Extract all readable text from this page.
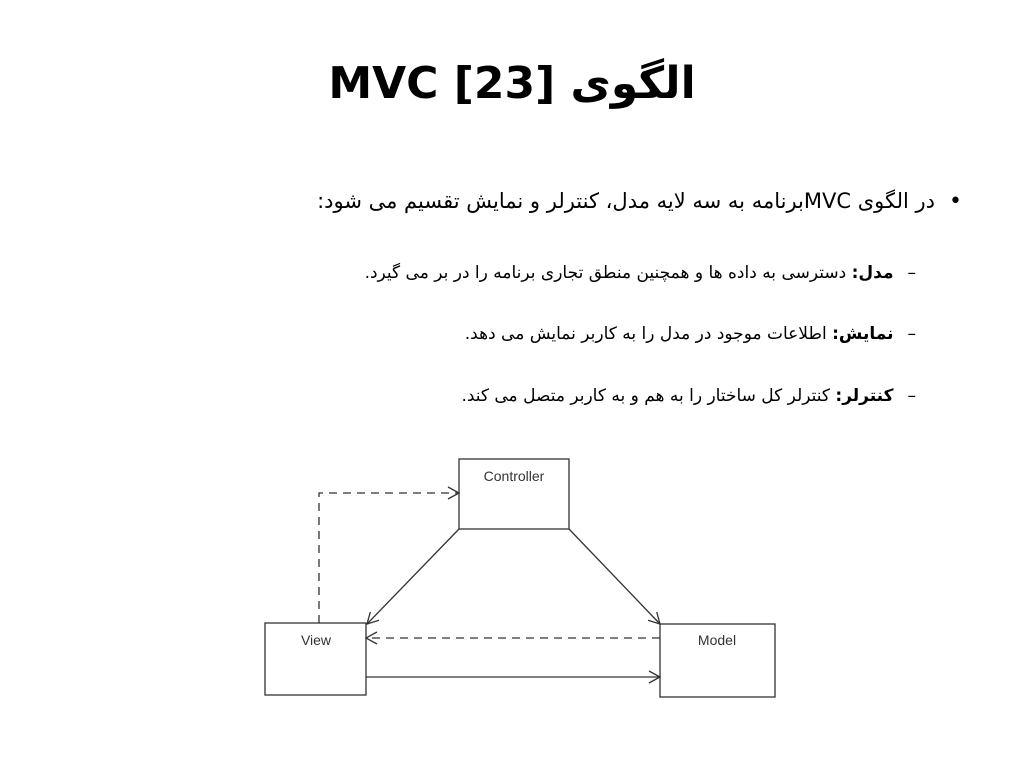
الگوی MVC [23]
•در الگوی MVCبرنامه به سه لایه مدل، کنترلر و نمایش تقسیم می شود:
–مدل: دسترسی به داده ها و همچنین منطق تجاری برنامه را در بر می گیرد.
–نمایش: اطلاعات موجود در مدل را به کاربر نمایش می دهد.
–کنترلر: کنترلر کل ساختار را به هم و به کاربر متصل می کند.
Controller
View	Model
